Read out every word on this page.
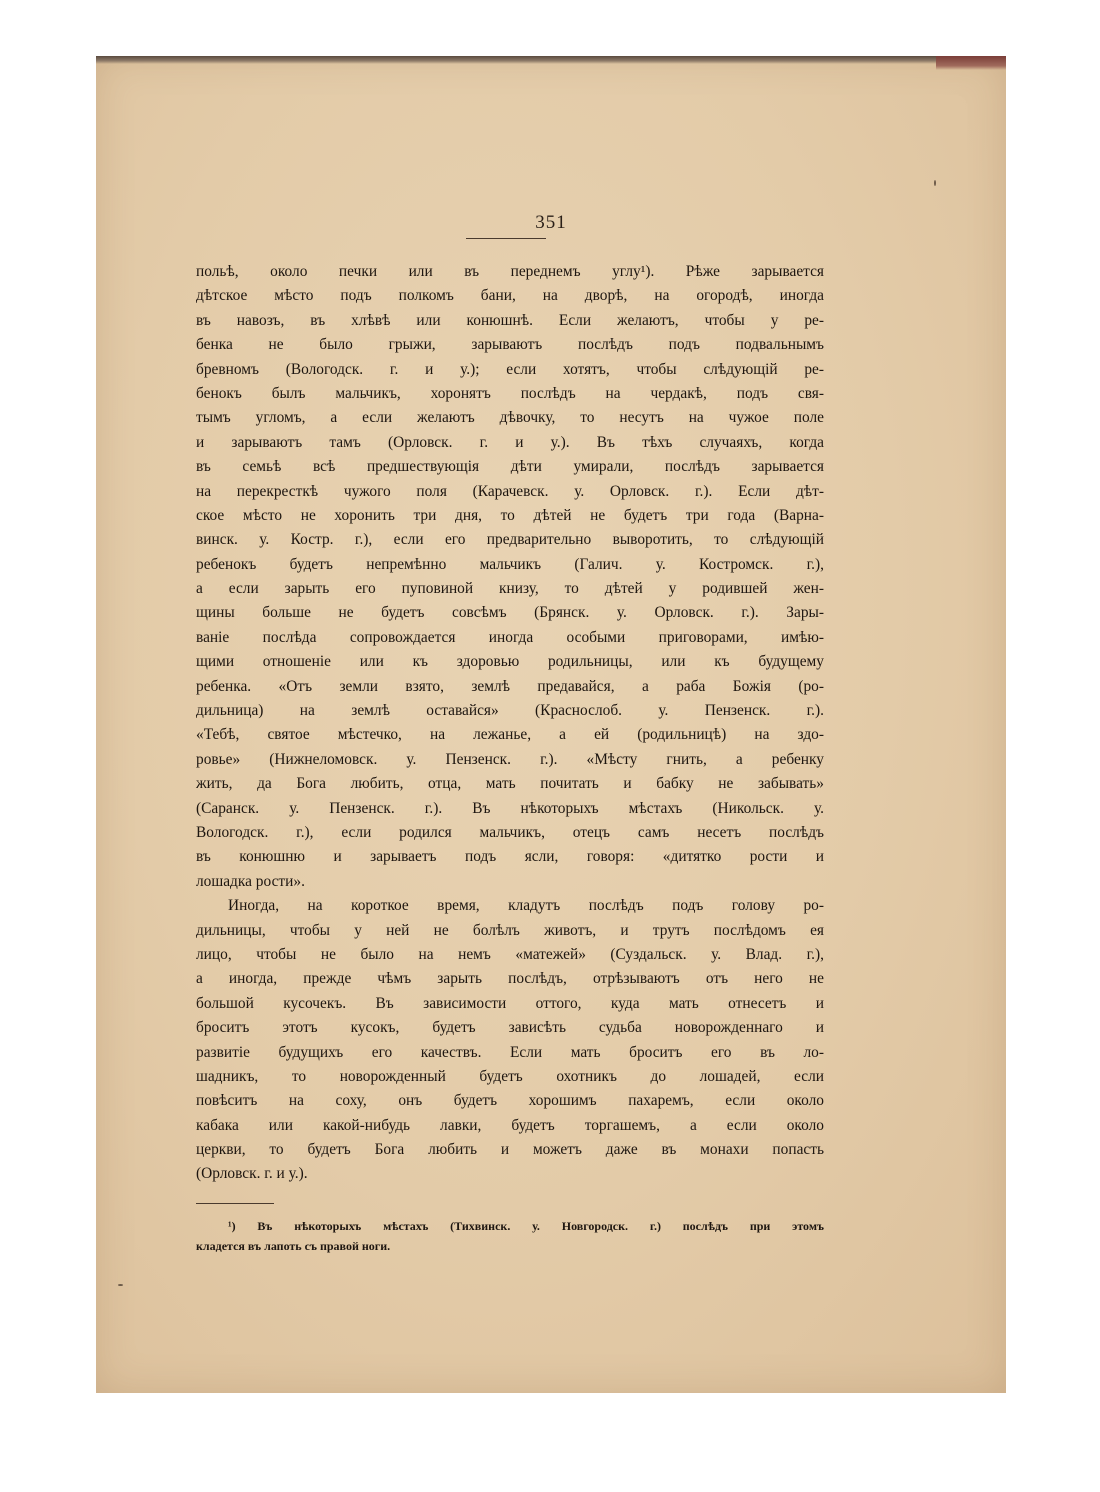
351
польѣ, около печки или въ переднемъ углу¹). Рѣже зарывается
дѣтское мѣсто подъ полкомъ бани, на дворѣ, на огородѣ, иногда
въ навозъ, въ хлѣвѣ или конюшнѣ. Если желаютъ, чтобы у ре-
бенка не было грыжи, зарываютъ послѣдъ подъ подвальнымъ
бревномъ (Вологодск. г. и у.); если хотятъ, чтобы слѣдующій ре-
бенокъ былъ мальчикъ, хоронятъ послѣдъ на чердакѣ, подъ свя-
тымъ угломъ, а если желаютъ дѣвочку, то несутъ на чужое поле
и зарываютъ тамъ (Орловск. г. и у.). Въ тѣхъ случаяхъ, когда
въ семьѣ всѣ предшествующія дѣти умирали, послѣдъ зарывается
на перекресткѣ чужого поля (Карачевск. у. Орловск. г.). Если дѣт-
ское мѣсто не хоронить три дня, то дѣтей не будетъ три года (Варна-
винск. у. Костр. г.), если его предварительно выворотить, то слѣдующій
ребенокъ будетъ непремѣнно мальчикъ (Галич. у. Костромск. г.),
а если зарыть его пуповиной книзу, то дѣтей у родившей жен-
щины больше не будетъ совсѣмъ (Брянск. у. Орловск. г.). Зары-
ваніе послѣда сопровождается иногда особыми приговорами, имѣю-
щими отношеніе или къ здоровью родильницы, или къ будущему
ребенка. «Отъ земли взято, землѣ предавайся, а раба Божія (ро-
дильница) на землѣ оставайся» (Краснослоб. у. Пензенск. г.).
«Тебѣ, святое мѣстечко, на лежанье, а ей (родильницѣ) на здо-
ровье» (Нижнеломовск. у. Пензенск. г.). «Мѣсту гнить, а ребенку
жить, да Бога любить, отца, мать почитать и бабку не забывать»
(Саранск. у. Пензенск. г.). Въ нѣкоторыхъ мѣстахъ (Никольск. у.
Вологодск. г.), если родился мальчикъ, отецъ самъ несетъ послѣдъ
въ конюшню и зарываетъ подъ ясли, говоря: «дитятко рости и
лошадка рости».
Иногда, на короткое время, кладутъ послѣдъ подъ голову ро-
дильницы, чтобы у ней не болѣлъ животъ, и трутъ послѣдомъ ея
лицо, чтобы не было на немъ «матежей» (Суздальск. у. Влад. г.),
а иногда, прежде чѣмъ зарыть послѣдъ, отрѣзываютъ отъ него не
большой кусочекъ. Въ зависимости оттого, куда мать отнесетъ и
броситъ этотъ кусокъ, будетъ зависѣть судьба новорожденнаго и
развитіе будущихъ его качествъ. Если мать броситъ его въ ло-
шадникъ, то новорожденный будетъ охотникъ до лошадей, если
повѣситъ на соху, онъ будетъ хорошимъ пахаремъ, если около
кабака или какой-нибудь лавки, будетъ торгашемъ, а если около
церкви, то будетъ Бога любить и можетъ даже въ монахи попасть
(Орловск. г. и у.).
¹) Въ нѣкоторыхъ мѣстахъ (Тихвинск. у. Новгородск. г.) послѣдъ при этомъ
кладется въ лапоть съ правой ноги.
